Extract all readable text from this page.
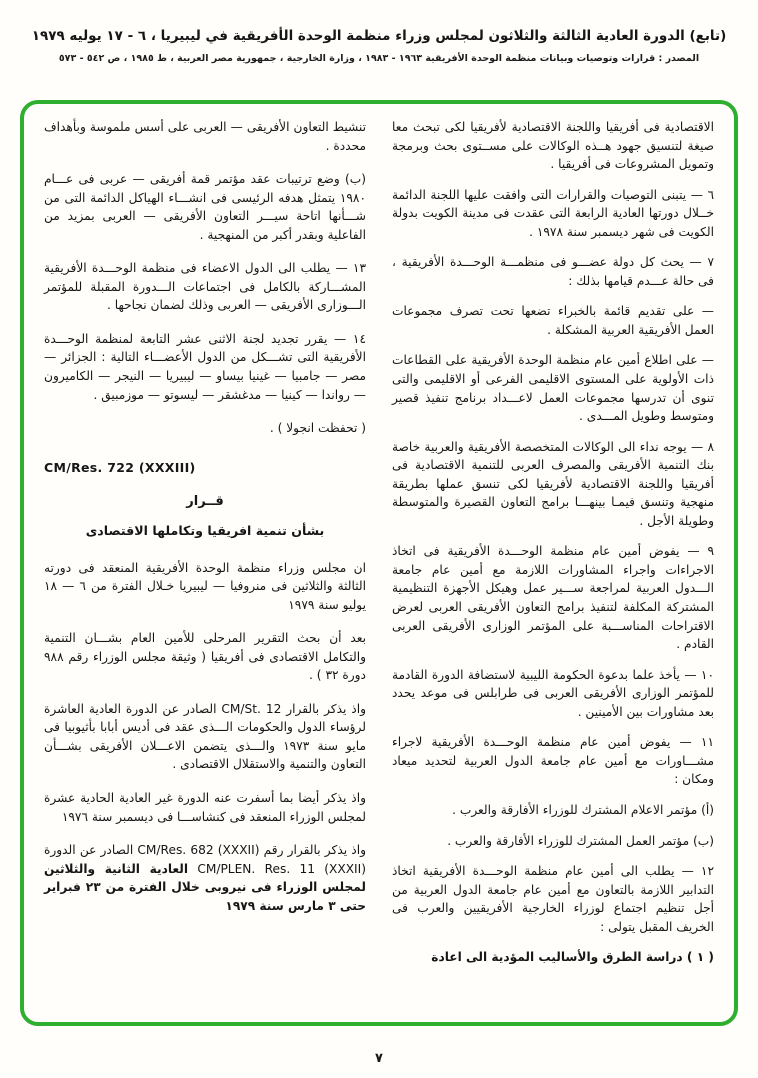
(تابع) الدورة العادية الثالثة والثلاثون لمجلس وزراء منظمة الوحدة الأفريقية في ليبيريا ، ٦ - ١٧ يوليه ١٩٧٩
المصدر : قرارات وتوصيات وبيانات منظمة الوحدة الأفريقية ١٩٦٣ - ١٩٨٣ ، وزارة الخارجية ، جمهورية مصر العربية ، ط ١٩٨٥ ، ص ٥٤٢ - ٥٧٣

الاقتصادية فى أفريقيا واللجنة الاقتصادية لأفريقيا لكى تبحث معا صيغة لتنسيق جهود هــذه الوكالات على مســتوى بحث وبرمجة وتمويل المشروعات فى أفريقيا .

٦ — يتبنى التوصيات والقرارات التى وافقت عليها اللجنة الدائمة خــلال دورتها العادية الرابعة التى عقدت فى مدينة الكويت بدولة الكويت فى شهر ديسمبر سنة ١٩٧٨ .

٧ — يحث كل دولة عضـــو فى منظمـــة الوحـــدة الأفريقية ، فى حالة عـــدم قيامها بذلك :

— على تقديم قائمة بالخبراء تضعها تحت تصرف مجموعات العمل الأفريقية العربية المشكلة .

— على اطلاع أمين عام منظمة الوحدة الأفريقية على القطاعات ذات الأولوية على المستوى الاقليمى الفرعى أو الاقليمى والتى تنوى أن تدرسها مجموعات العمل لاعـــداد برنامج تنفيذ قصير ومتوسط وطويل المـــدى .

٨ — يوجه نداء الى الوكالات المتخصصة الأفريقية والعربية خاصة بنك التنمية الأفريقى والمصرف العربى للتنمية الاقتصادية فى أفريقيا واللجنة الاقتصادية لأفريقيا لكى تنسق عملها بطريقة منهجية وتنسق فيمـا بينهـــا برامج التعاون القصيرة والمتوسطة وطويلة الأجل .

٩ — يفوض أمين عام منظمة الوحـــدة الأفريقية فى اتخاذ الاجراءات واجراء المشاورات اللازمة مع أمين عام جامعة الـــدول العربية لمراجعة ســـير عمل وهيكل الأجهزة التنظيمية المشتركة المكلفة لتنفيذ برامج التعاون الأفريقى العربى لعرض الاقتراحات المناســـبة على المؤتمر الوزارى الأفريقى العربى القادم .

١٠ — يأخذ علما بدعوة الحكومة الليبية لاستضافة الدورة القادمة للمؤتمر الوزارى الأفريقى العربى فى طرابلس فى موعد يحدد بعد مشاورات بين الأمينين .

١١ — يفوض أمين عام منظمة الوحـــدة الأفريقية لاجراء مشـــاورات مع أمين عام جامعة الدول العربية لتحديد ميعاد ومكان :

(أ) مؤتمر الاعلام المشترك للوزراء الأفارقة والعرب .

(ب) مؤتمر العمل المشترك للوزراء الأفارقة والعرب .

١٢ — يطلب الى أمين عام منظمة الوحـــدة الأفريقية اتخاذ التدابير اللازمة بالتعاون مع أمين عام جامعة الدول العربية من أجل تنظيم اجتماع لوزراء الخارجية الأفريقيين والعرب فى الخريف المقبل يتولى :

( ١ ) دراسة الطرق والأساليب المؤدية الى اعادة

تنشيط التعاون الأفريقى — العربى على أسس ملموسة وبأهداف محددة .

(ب) وضع ترتيبات عقد مؤتمر قمة أفريقى — عربى فى عـــام ١٩٨٠ يتمثل هدفه الرئيسى فى انشـــاء الهياكل الدائمة التى من شـــأنها اتاحة سيـــر التعاون الأفريقى — العربى بمزيد من الفاعلية وبقدر أكبر من المنهجية .

١٣ — يطلب الى الدول الاعضاء فى منظمة الوحـــدة الأفريقية المشـــاركة بالكامل فى اجتماعات الـــدورة المقبلة للمؤتمر الـــوزارى الأفريقى — العربى وذلك لضمان نجاحها .

١٤ — يقرر تجديد لجنة الاثنى عشر التابعة لمنظمة الوحـــدة الأفريقية التى تشـــكل من الدول الأعضـــاء التالية : الجزائر — مصر — جامبيا — غينيا بيساو — ليبيريا — النيجر — الكاميرون — رواندا — كينيا — مدغشقر — ليسوتو — موزمبيق .

( تحفظت انجولا ) .

CM/Res. 722 (XXXIII)

قــرار

بشأن تنمية افريقيا وتكاملها الاقتصادى

ان مجلس وزراء منظمة الوحدة الأفريقية المنعقد فى دورته الثالثة والثلاثين فى منروفيا — ليبيريا خـلال الفترة من ٦ — ١٨ يوليو سنة ١٩٧٩

بعد أن بحث التقرير المرحلى للأمين العام بشـــان التنمية والتكامل الاقتصادى فى أفريقيا ( وثيقة مجلس الوزراء رقم ٩٨٨ دورة ٣٢ ) .

واذ يذكر بالقرار CM/St. 12 الصادر عن الدورة العادية العاشرة لرؤساء الدول والحكومات الـــذى عقد فى أديس أبابا بأثيوبيا فى مايو سنة ١٩٧٣ والـــذى يتضمن الاعـــلان الأفريقى بشـــأن التعاون والتنمية والاستقلال الاقتصادى .

واذ يذكر أيضا بما أسفرت عنه الدورة غير العادية الحادية عشرة لمجلس الوزراء المنعقد فى كنشاســـا فى ديسمبر سنة ١٩٧٦

واذ يذكر بالقرار رقم CM/Res. 682 (XXXII) الصادر عن الدورة CM/PLEN. Res. 11 (XXXII) العادية الثانية والثلاثين لمجلس الوزراء فى نيروبى خلال الفترة من ٢٣ فبراير حتى ٣ مارس سنة ١٩٧٩

٧
